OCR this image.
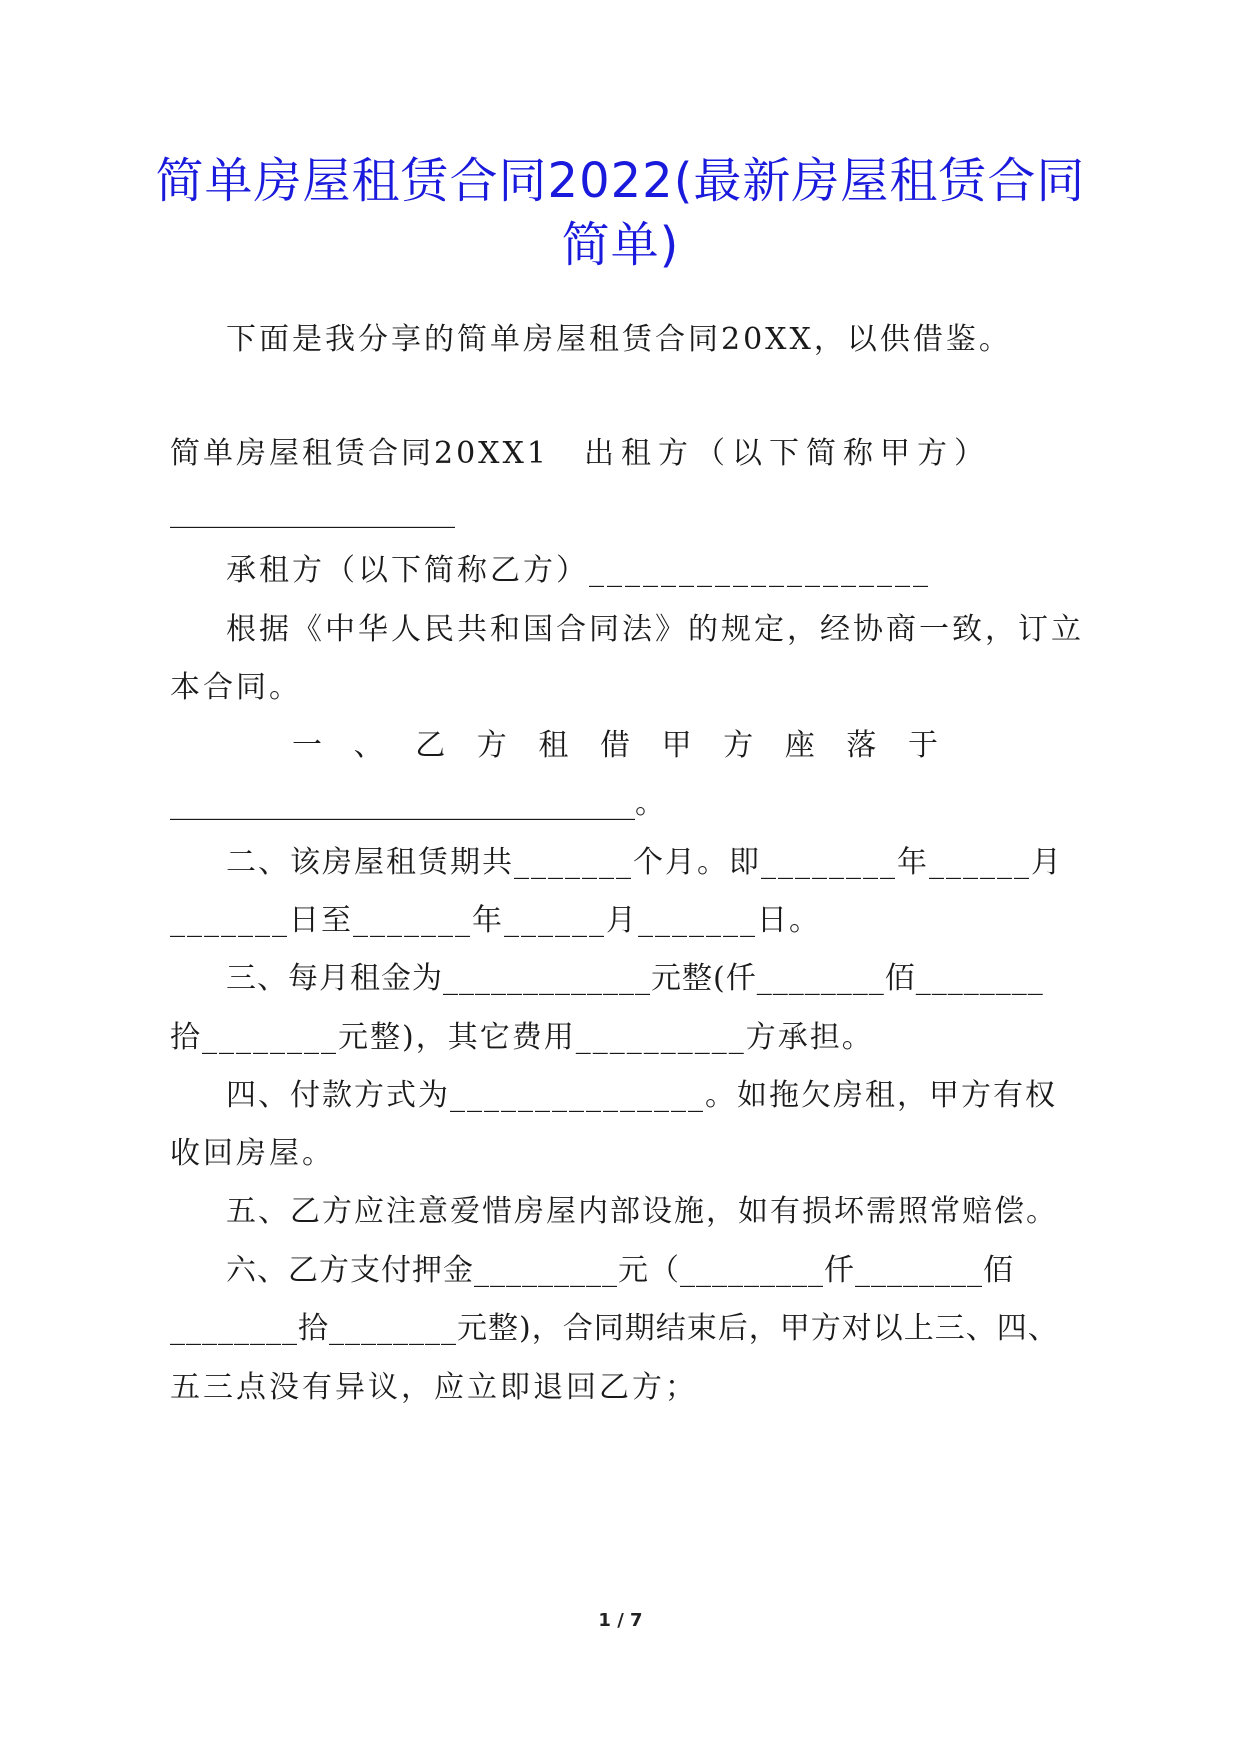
简单房屋租赁合同2022(最新房屋租赁合同
简单)
下面是我分享的简单房屋租赁合同20XX，以供借鉴。
简单房屋租赁合同20XX1 出租方（以下简称甲方）
___________________
承租方（以下简称乙方）___________________
根据《中华人民共和国合同法》的规定，经协商一致，订立
本合同。
一、乙方租借甲方座落于
_______________________________。
二、该房屋租赁期共_______个月。即________年______月
_______日至_______年______月_______日。
三、每月租金为_____________元整(仟________佰________
拾________元整)，其它费用__________方承担。
四、付款方式为_______________。如拖欠房租，甲方有权
收回房屋。
五、乙方应注意爱惜房屋内部设施，如有损坏需照常赔偿。
六、乙方支付押金_________元（_________仟________佰
________拾________元整)，合同期结束后，甲方对以上三、四、
五三点没有异议，应立即退回乙方；
1 / 7
